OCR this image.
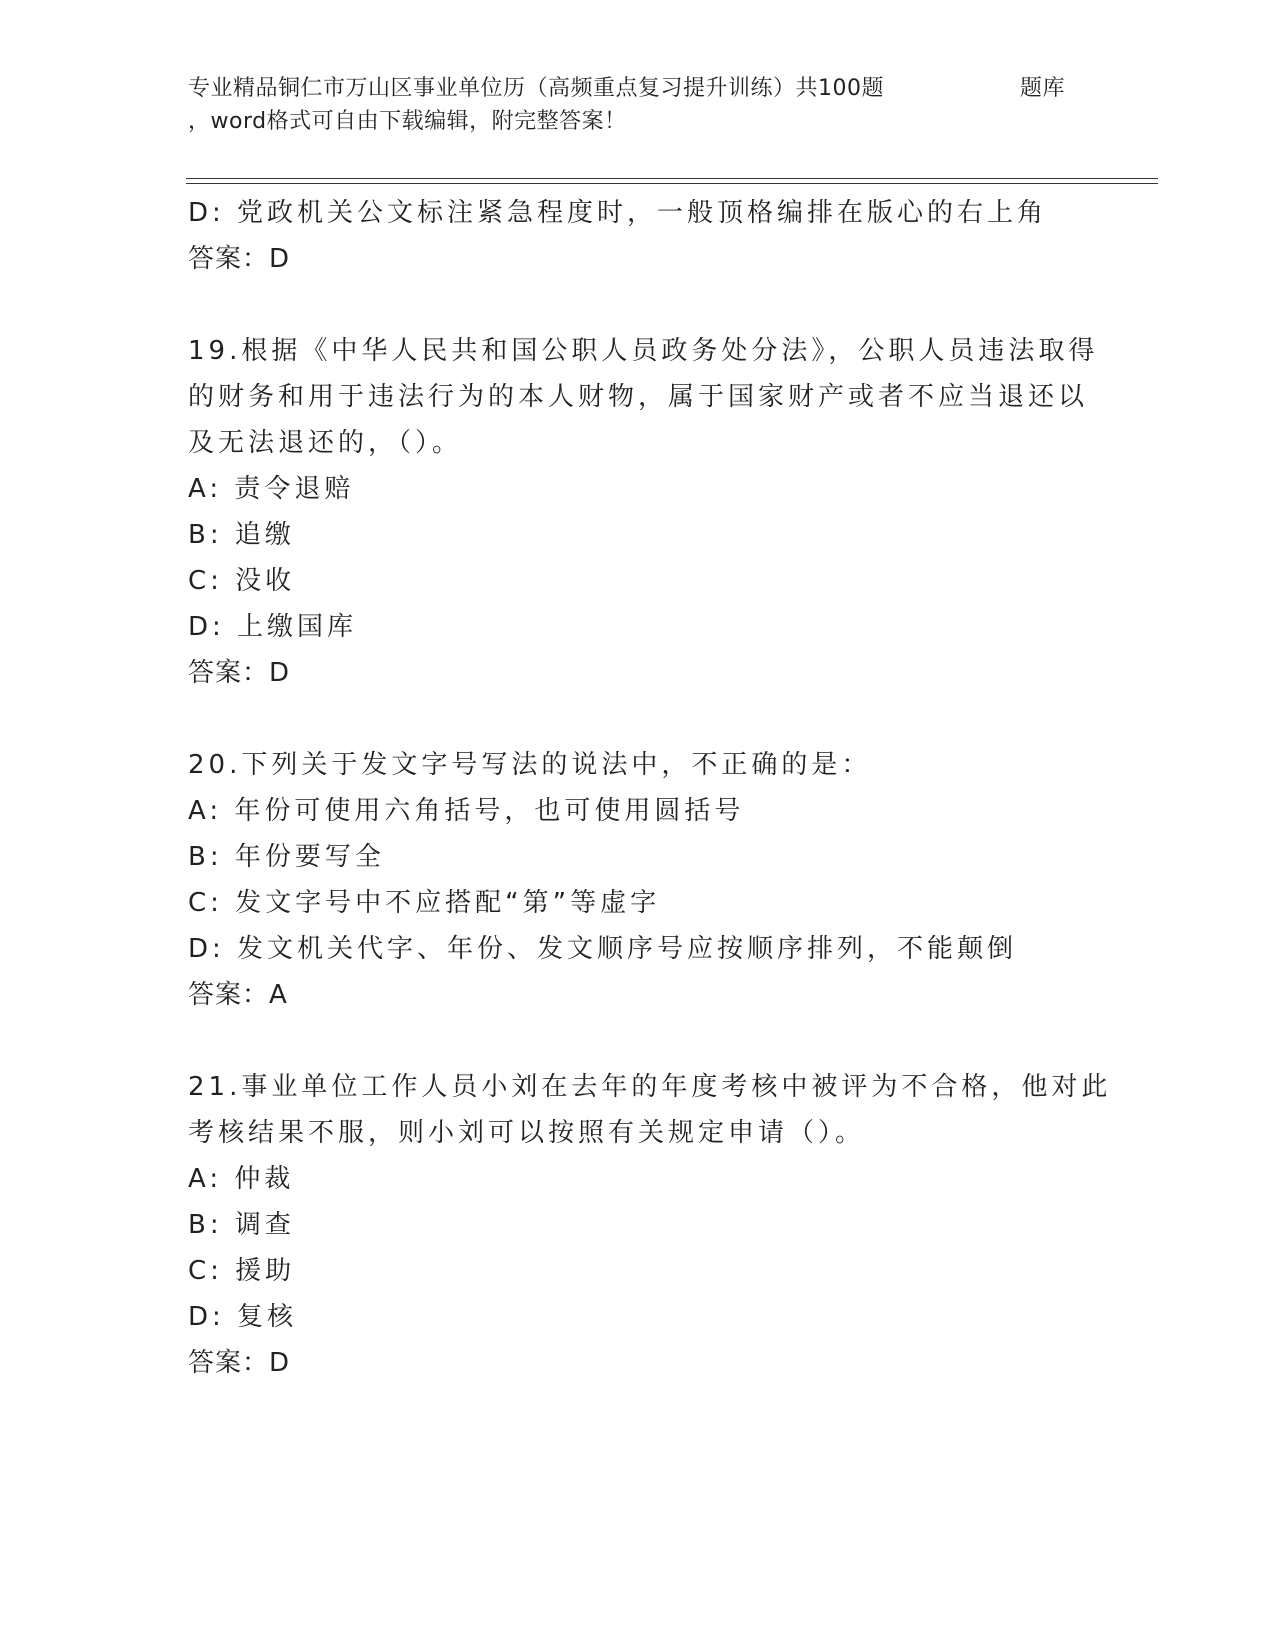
专业精品铜仁市万山区事业单位历（高频重点复习提升训练）共100题	题库
，word格式可自由下载编辑，附完整答案！
D: 党政机关公文标注紧急程度时，一般顶格编排在版心的右上角
答案：D
19.根据《中华人民共和国公职人员政务处分法》，公职人员违法取得
的财务和用于违法行为的本人财物，属于国家财产或者不应当退还以
及无法退还的，（）。
A: 责令退赔
B: 追缴
C: 没收
D: 上缴国库
答案：D
20.下列关于发文字号写法的说法中，不正确的是：
A: 年份可使用六角括号，也可使用圆括号
B: 年份要写全
C: 发文字号中不应搭配“第”等虚字
D: 发文机关代字、年份、发文顺序号应按顺序排列，不能颠倒
答案：A
21.事业单位工作人员小刘在去年的年度考核中被评为不合格，他对此
考核结果不服，则小刘可以按照有关规定申请（）。
A: 仲裁
B: 调查
C: 援助
D: 复核
答案：D
